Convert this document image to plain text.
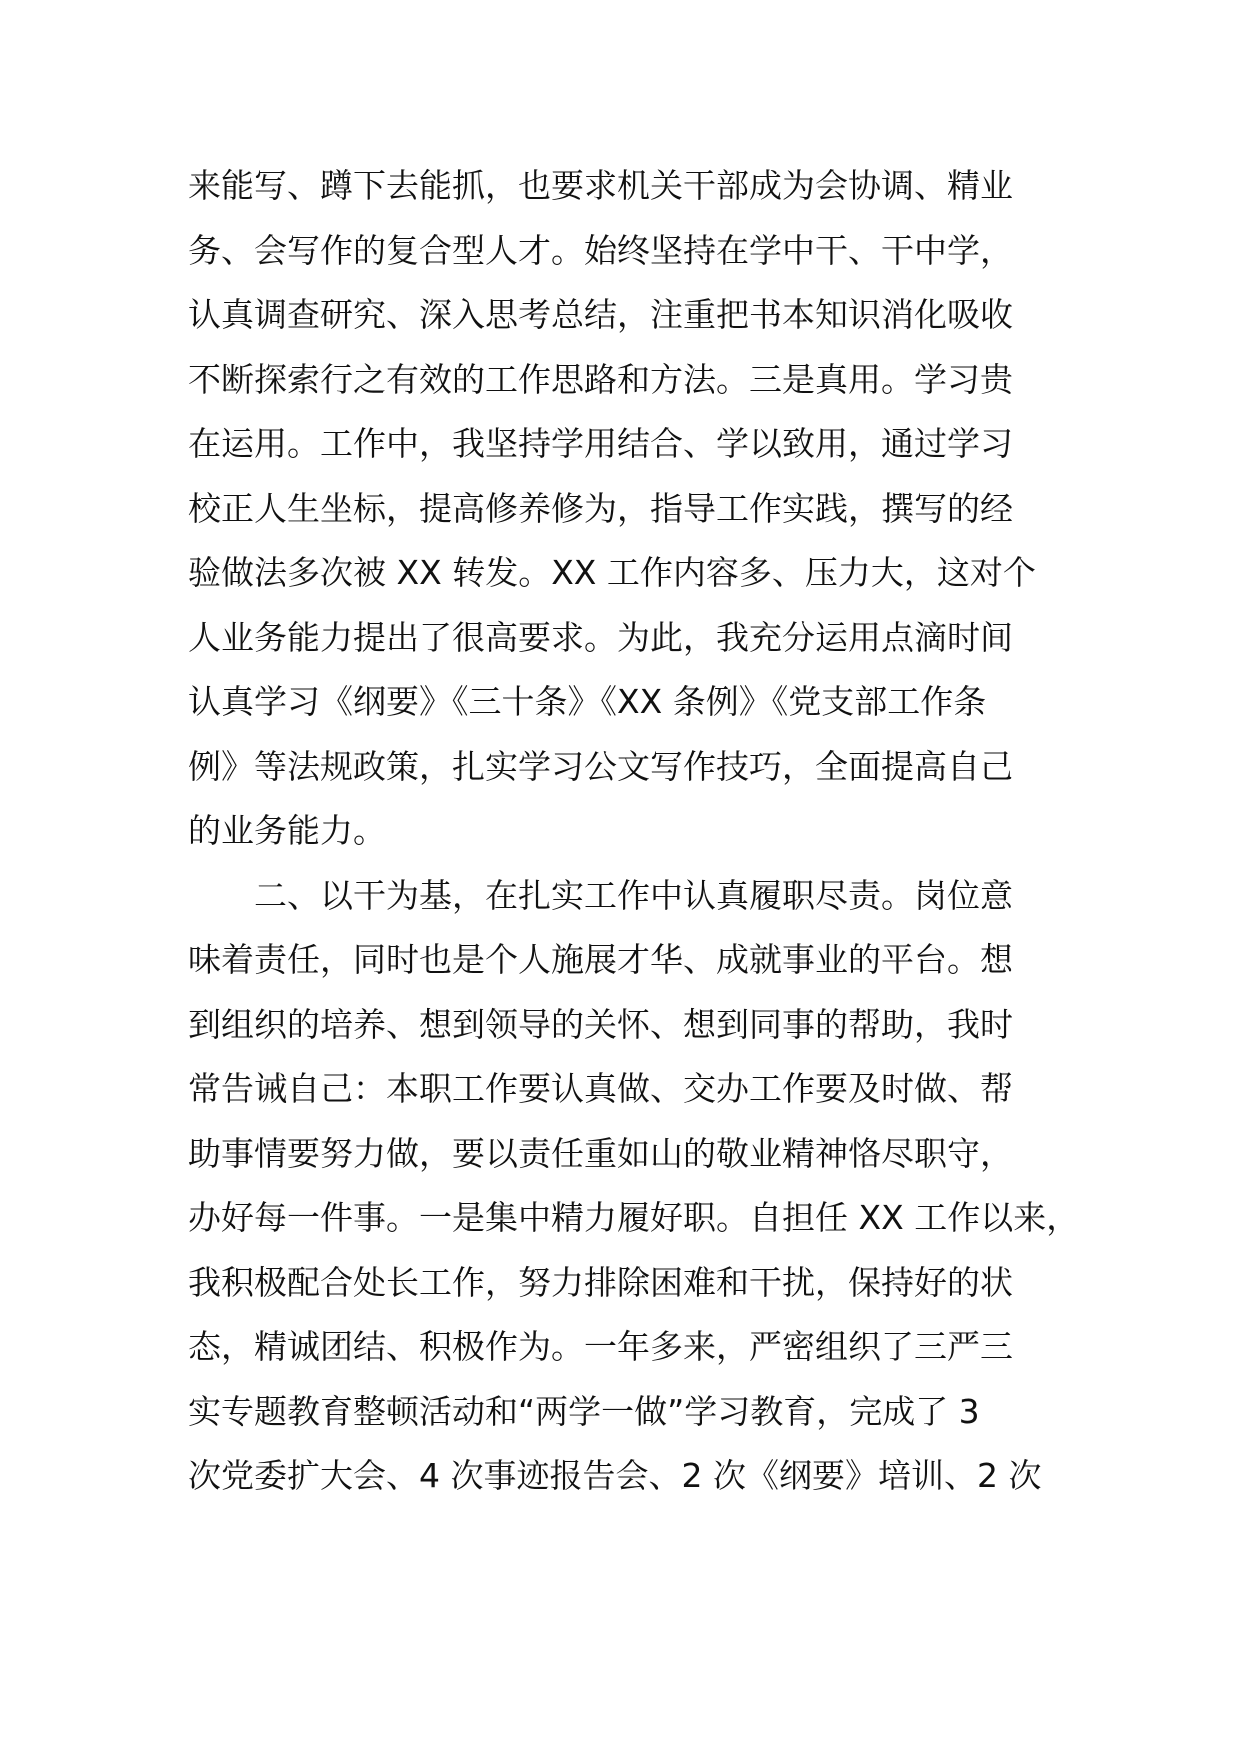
来能写、蹲下去能抓，也要求机关干部成为会协调、精业
务、会写作的复合型人才。始终坚持在学中干、干中学，
认真调查研究、深入思考总结，注重把书本知识消化吸收
不断探索行之有效的工作思路和方法。三是真用。学习贵
在运用。工作中，我坚持学用结合、学以致用，通过学习
校正人生坐标，提高修养修为，指导工作实践，撰写的经
验做法多次被 XX 转发。XX 工作内容多、压力大，这对个
人业务能力提出了很高要求。为此，我充分运用点滴时间
认真学习《纲要》《三十条》《XX 条例》《党支部工作条
例》等法规政策，扎实学习公文写作技巧，全面提高自己
的业务能力。
　　二、以干为基，在扎实工作中认真履职尽责。岗位意
味着责任，同时也是个人施展才华、成就事业的平台。想
到组织的培养、想到领导的关怀、想到同事的帮助，我时
常告诫自己：本职工作要认真做、交办工作要及时做、帮
助事情要努力做，要以责任重如山的敬业精神恪尽职守，
办好每一件事。一是集中精力履好职。自担任 XX 工作以来，
我积极配合处长工作，努力排除困难和干扰，保持好的状
态，精诚团结、积极作为。一年多来，严密组织了三严三
实专题教育整顿活动和“两学一做”学习教育，完成了 3
次党委扩大会、4 次事迹报告会、2 次《纲要》培训、2 次
